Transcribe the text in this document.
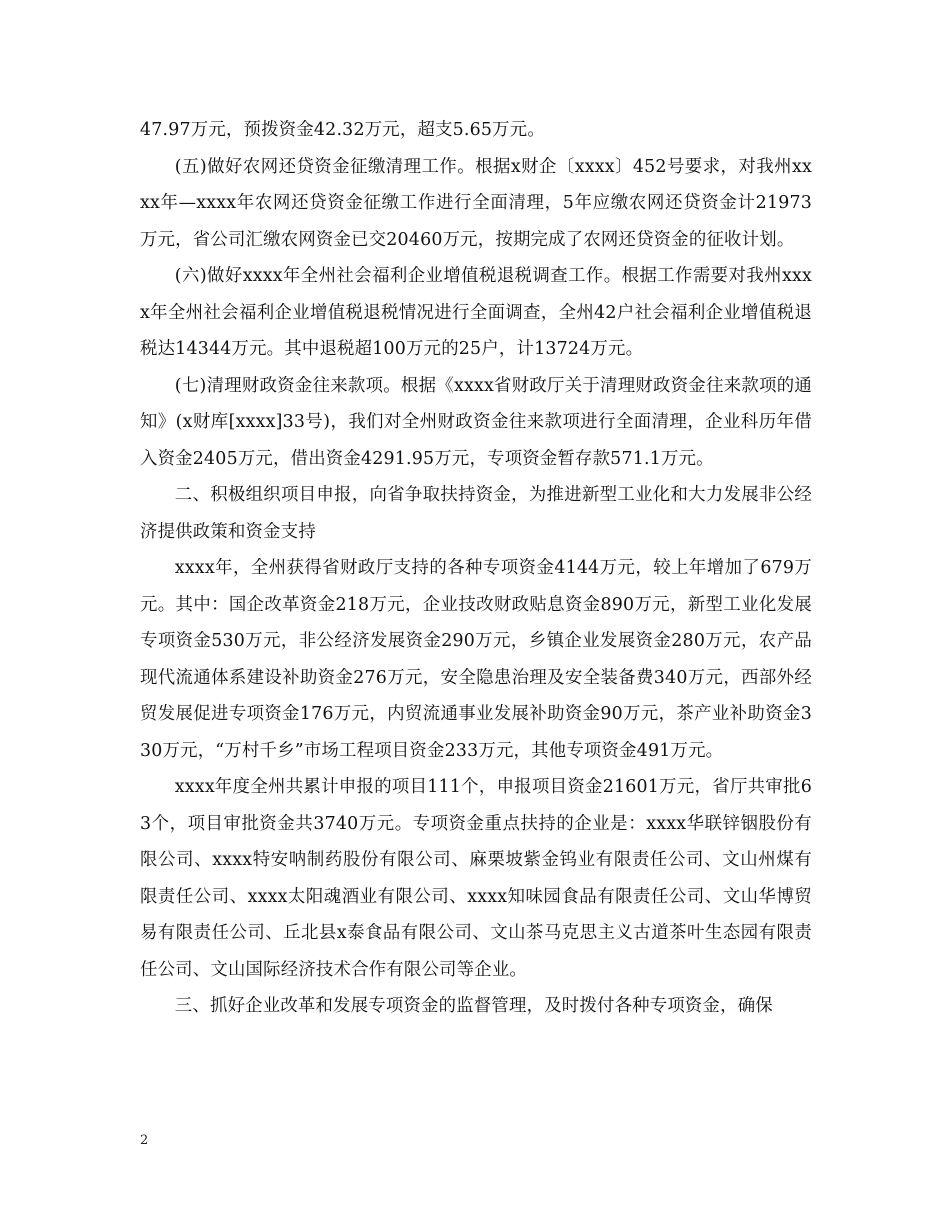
47.97万元，预拨资金42.32万元，超支5.65万元。

(五)做好农网还贷资金征缴清理工作。根据x财企〔xxxx〕452号要求，对我州xxxx年—xxxx年农网还贷资金征缴工作进行全面清理，5年应缴农网还贷资金计21973万元，省公司汇缴农网资金已交20460万元，按期完成了农网还贷资金的征收计划。

(六)做好xxxx年全州社会福利企业增值税退税调查工作。根据工作需要对我州xxxx年全州社会福利企业增值税退税情况进行全面调查，全州42户社会福利企业增值税退税达14344万元。其中退税超100万元的25户，计13724万元。

(七)清理财政资金往来款项。根据《xxxx省财政厅关于清理财政资金往来款项的通知》(x财库[xxxx]33号)，我们对全州财政资金往来款项进行全面清理，企业科历年借入资金2405万元，借出资金4291.95万元，专项资金暂存款571.1万元。

二、积极组织项目申报，向省争取扶持资金，为推进新型工业化和大力发展非公经济提供政策和资金支持

xxxx年，全州获得省财政厅支持的各种专项资金4144万元，较上年增加了679万元。其中：国企改革资金218万元，企业技改财政贴息资金890万元，新型工业化发展专项资金530万元，非公经济发展资金290万元，乡镇企业发展资金280万元，农产品现代流通体系建设补助资金276万元，安全隐患治理及安全装备费340万元，西部外经贸发展促进专项资金176万元，内贸流通事业发展补助资金90万元，茶产业补助资金330万元，“万村千乡”市场工程项目资金233万元，其他专项资金491万元。

xxxx年度全州共累计申报的项目111个，申报项目资金21601万元，省厅共审批63个，项目审批资金共3740万元。专项资金重点扶持的企业是：xxxx华联锌铟股份有限公司、xxxx特安呐制药股份有限公司、麻栗坡紫金钨业有限责任公司、文山州煤有限责任公司、xxxx太阳魂酒业有限公司、xxxx知味园食品有限责任公司、文山华博贸易有限责任公司、丘北县x泰食品有限公司、文山茶马克思主义古道茶叶生态园有限责任公司、文山国际经济技术合作有限公司等企业。

三、抓好企业改革和发展专项资金的监督管理，及时拨付各种专项资金，确保

2
